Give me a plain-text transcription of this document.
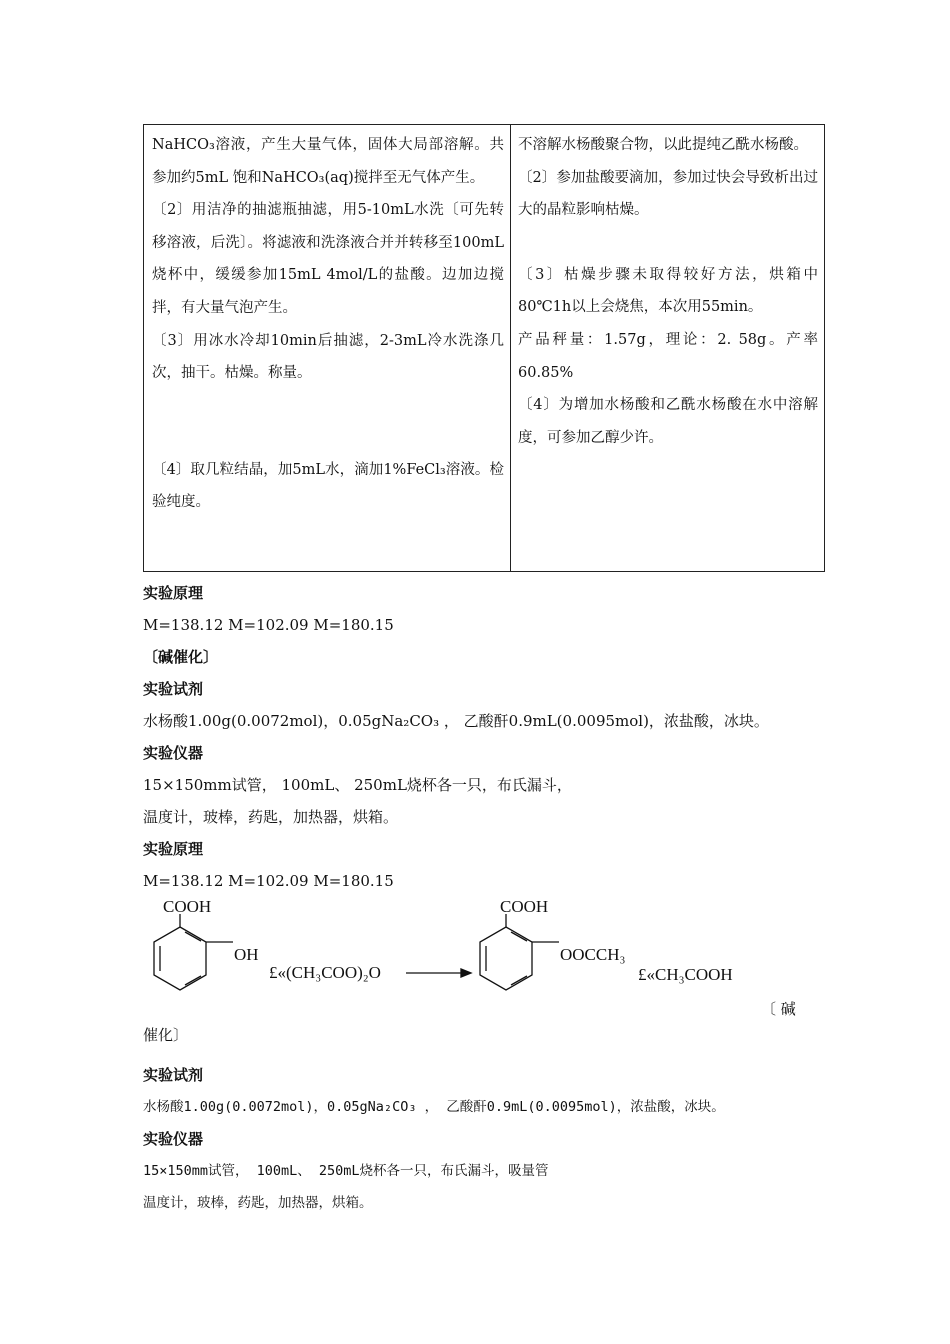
NaHCO₃溶液，产生大量气体，固体大局部溶解。共参加约5mL 饱和NaHCO₃(aq)搅拌至无气体产生。

〔2〕用洁净的抽滤瓶抽滤，用5-10mL水洗〔可先转移溶液，后洗〕。将滤液和洗涤液合并并转移至100mL烧杯中，缓缓参加15mL 4mol/L的盐酸。边加边搅拌，有大量气泡产生。

〔3〕用冰水冷却10min后抽滤，2-3mL冷水洗涤几次，抽干。枯燥。称量。

〔4〕取几粒结晶，加5mL水，滴加1%FeCl₃溶液。检验纯度。

不溶解水杨酸聚合物，以此提纯乙酰水杨酸。

〔2〕参加盐酸要滴加，参加过快会导致析出过大的晶粒影响枯燥。

〔3〕枯燥步骤未取得较好方法，烘箱中80℃1h以上会烧焦，本次用55min。

产品秤量：1.57g，理论：2. 58g。产率60.85%

〔4〕为增加水杨酸和乙酰水杨酸在水中溶解度，可参加乙醇少许。

实验原理
M=138.12 M=102.09 M=180.15
〔碱催化〕
实验试剂
水杨酸1.00g(0.0072mol)，0.05gNa₂CO₃ ， 乙酸酐0.9mL(0.0095mol)，浓盐酸，冰块。
实验仪器
15×150mm试管， 100mL、 250mL烧杯各一只，布氏漏斗，
温度计，玻棒，药匙，加热器，烘箱。
实验原理
M=138.12 M=102.09 M=180.15
COOH
OH
£«(CH₃COO)₂O
COOH
OOCCH₃
£«CH₃COOH
〔 碱
催化〕
实验试剂
水杨酸1.00g(0.0072mol)，0.05gNa₂CO₃ ， 乙酸酐0.9mL(0.0095mol)，浓盐酸，冰块。
实验仪器
15×150mm试管， 100mL、 250mL烧杯各一只，布氏漏斗，吸量管
温度计，玻棒，药匙，加热器，烘箱。
